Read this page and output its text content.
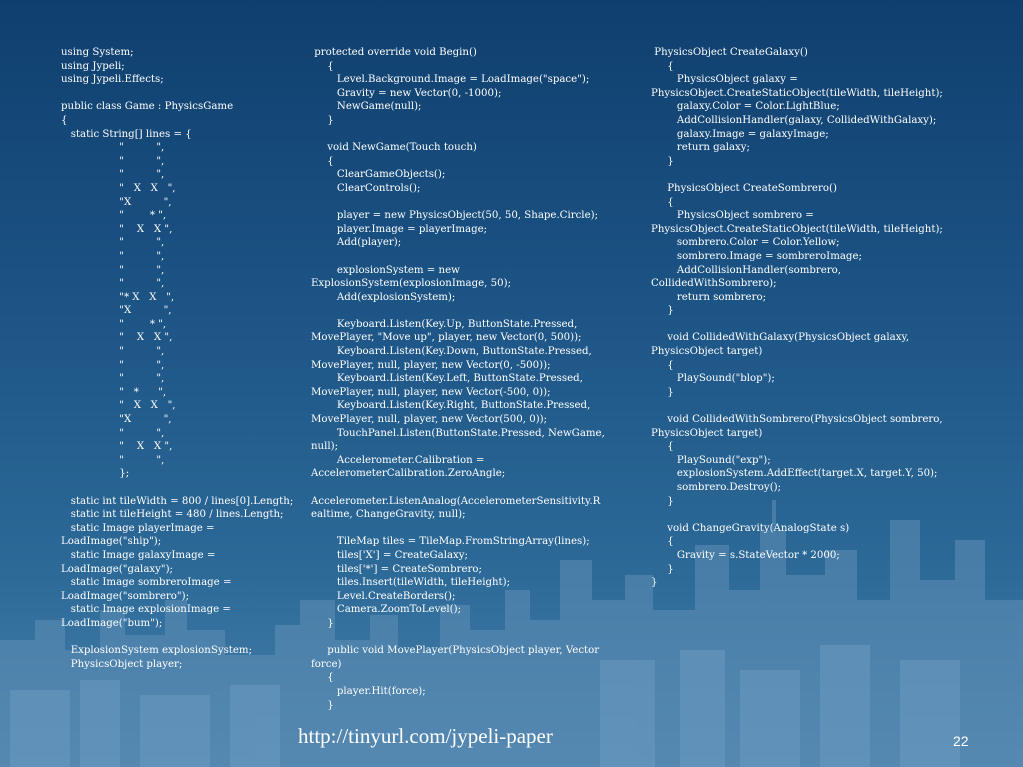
using System;
using Jypeli;
using Jypeli.Effects;
public class Game : PhysicsGame
{
static String[] lines = {
"          ",
"          ",
"          ",
"   X   X   ",
"X          ",
"        * ",
"    X   X ",
"          ",
"          ",
"          ",
"          ",
"* X   X   ",
"X          ",
"        * ",
"    X   X ",
"          ",
"          ",
"          ",
"   *      ",
"   X   X   ",
"X          ",
"          ",
"    X   X ",
"          ",
};
static int tileWidth = 800 / lines[0].Length;
static int tileHeight = 480 / lines.Length;
static Image playerImage =
LoadImage("ship");
static Image galaxyImage =
LoadImage("galaxy");
static Image sombreroImage =
LoadImage("sombrero");
static Image explosionImage =
LoadImage("bum");
ExplosionSystem explosionSystem;
PhysicsObject player;
protected override void Begin()
{
Level.Background.Image = LoadImage("space");
Gravity = new Vector(0, -1000);
NewGame(null);
}
void NewGame(Touch touch)
{
ClearGameObjects();
ClearControls();
player = new PhysicsObject(50, 50, Shape.Circle);
player.Image = playerImage;
Add(player);
explosionSystem = new
ExplosionSystem(explosionImage, 50);
Add(explosionSystem);
Keyboard.Listen(Key.Up, ButtonState.Pressed,
MovePlayer, "Move up", player, new Vector(0, 500));
Keyboard.Listen(Key.Down, ButtonState.Pressed,
MovePlayer, null, player, new Vector(0, -500));
Keyboard.Listen(Key.Left, ButtonState.Pressed,
MovePlayer, null, player, new Vector(-500, 0));
Keyboard.Listen(Key.Right, ButtonState.Pressed,
MovePlayer, null, player, new Vector(500, 0));
TouchPanel.Listen(ButtonState.Pressed, NewGame,
null);
Accelerometer.Calibration =
AccelerometerCalibration.ZeroAngle;
Accelerometer.ListenAnalog(AccelerometerSensitivity.R
ealtime, ChangeGravity, null);
TileMap tiles = TileMap.FromStringArray(lines);
tiles['X'] = CreateGalaxy;
tiles['*'] = CreateSombrero;
tiles.Insert(tileWidth, tileHeight);
Level.CreateBorders();
Camera.ZoomToLevel();
}
public void MovePlayer(PhysicsObject player, Vector
force)
{
player.Hit(force);
}
PhysicsObject CreateGalaxy()
{
PhysicsObject galaxy =
PhysicsObject.CreateStaticObject(tileWidth, tileHeight);
galaxy.Color = Color.LightBlue;
AddCollisionHandler(galaxy, CollidedWithGalaxy);
galaxy.Image = galaxyImage;
return galaxy;
}
PhysicsObject CreateSombrero()
{
PhysicsObject sombrero =
PhysicsObject.CreateStaticObject(tileWidth, tileHeight);
sombrero.Color = Color.Yellow;
sombrero.Image = sombreroImage;
AddCollisionHandler(sombrero,
CollidedWithSombrero);
return sombrero;
}
void CollidedWithGalaxy(PhysicsObject galaxy,
PhysicsObject target)
{
PlaySound("blop");
}
void CollidedWithSombrero(PhysicsObject sombrero,
PhysicsObject target)
{
PlaySound("exp");
explosionSystem.AddEffect(target.X, target.Y, 50);
sombrero.Destroy();
}
void ChangeGravity(AnalogState s)
{
Gravity = s.StateVector * 2000;
}
}
http://tinyurl.com/jypeli-paper	22
